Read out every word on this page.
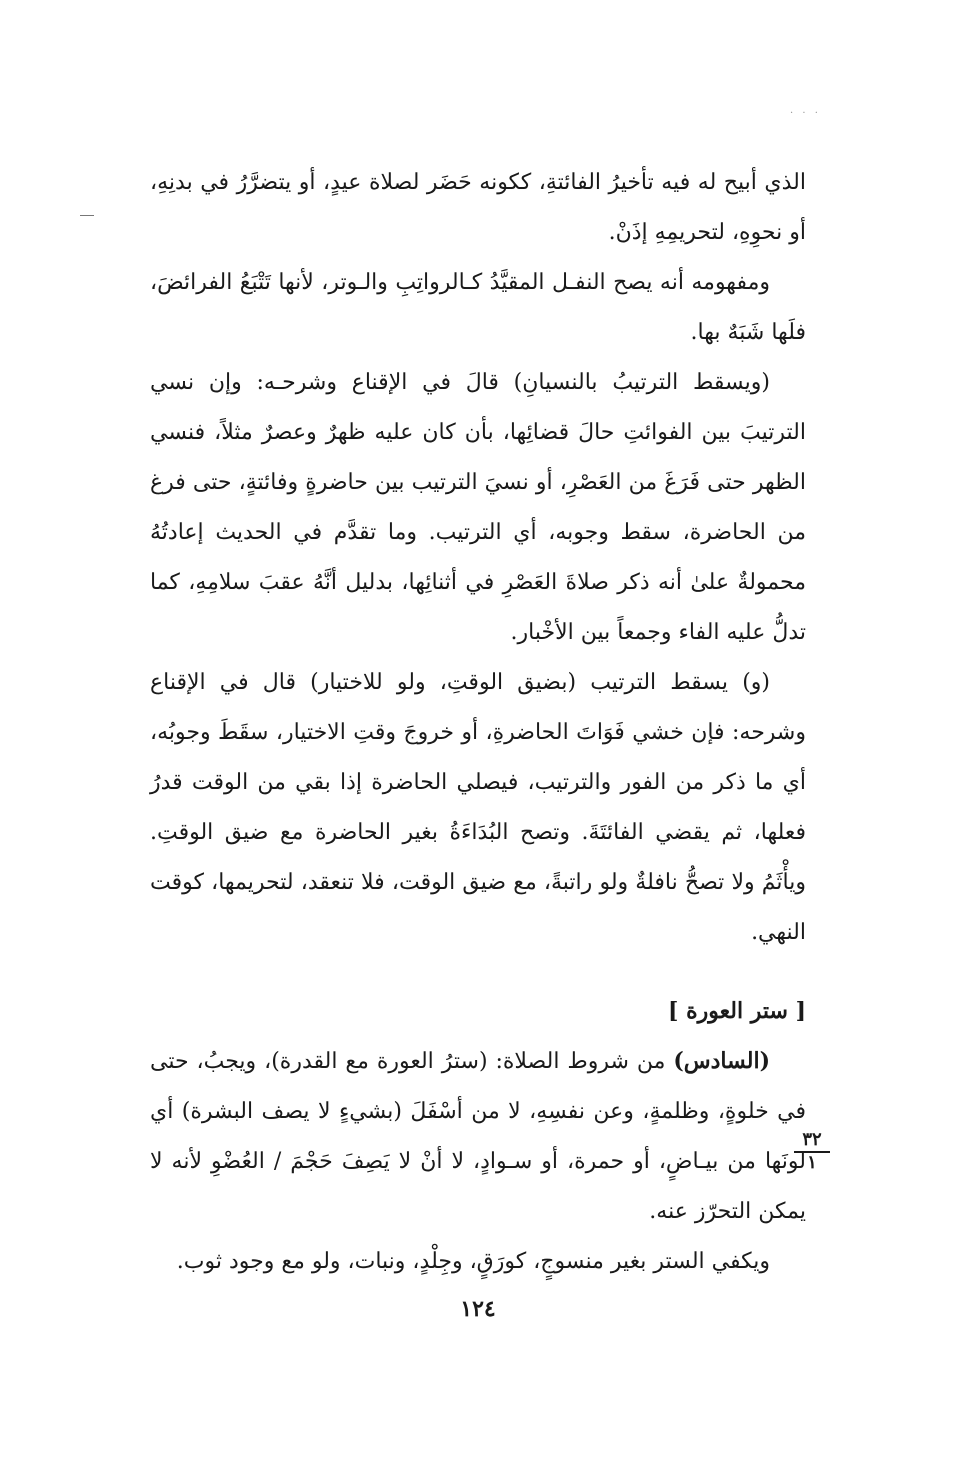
· · ·

الذي أبيح له فيه تأخيرُ الفائتةِ، ككونه حَضَر لصلاة عيدٍ، أو يتضرَّرُ في بدنِهِ، أو نحوِهِ، لتحريمِهِ إذَنْ.

ومفهومه أنه يصح النفـل المقيَّدُ كـالرواتِبِ والـوتر، لأنها تَتْبَعُ الفرائضَ، فلَها شَبَهٌ بها.

(ويسقط الترتيبُ بالنسيانِ) قالَ في الإقناع وشرحـه: وإن نسي الترتيبَ بين الفوائتِ حالَ قضائِها، بأن كان عليه ظهرٌ وعصرٌ مثلاً، فنسي الظهر حتى فَرَغَ من العَصْرِ، أو نسيَ الترتيب بين حاضرةٍ وفائتةٍ، حتى فرغ من الحاضرة، سقط وجوبه، أي الترتيب. وما تقدَّم في الحديث إعادتُهُ محمولةٌ علىٰ أنه ذكر صلاةَ العَصْرِ في أثنائِها، بدليل أنَّهُ عقبَ سلامِهِ، كما تدلُّ عليه الفاء وجمعاً بين الأخْبار.

(و) يسقط الترتيب (بضيق الوقتِ، ولو للاختيار) قال في الإقناع وشرحه: فإن خشي فَوَاتَ الحاضرةِ، أو خروجَ وقتِ الاختيار، سقَطَ وجوبُه، أي ما ذكر من الفور والترتيب، فيصلي الحاضرة إذا بقي من الوقت قدرُ فعلها، ثم يقضي الفائتَةَ. وتصح البُدَاءَةُ بغير الحاضرة مع ضيق الوقتِ. ويأْثَمُ ولا تصحُّ نافلةٌ ولو راتبةً، مع ضيق الوقت، فلا تنعقد، لتحريمها، كوقت النهي.

[ ستر العورة ]

(السادس) من شروط الصلاة: (سترُ العورة مع القدرة)، ويجبُ، حتى في خلوةٍ، وظلمةٍ، وعن نفسِهِ، لا من أسْفَلَ (بشيءٍ لا يصف البشرة) أي لونَها من بيـاضٍ، أو حمرة، أو سـوادٍ، لا أنْ لا يَصِفَ حَجْمَ / العُضْوِ لأنه لا يمكن التحرّز عنه.

ويكفي الستر بغير منسوجٍ، كورَقٍ، وجِلْدٍ، ونبات، ولو مع وجود ثوب.

٣٢
١
١٢٤
